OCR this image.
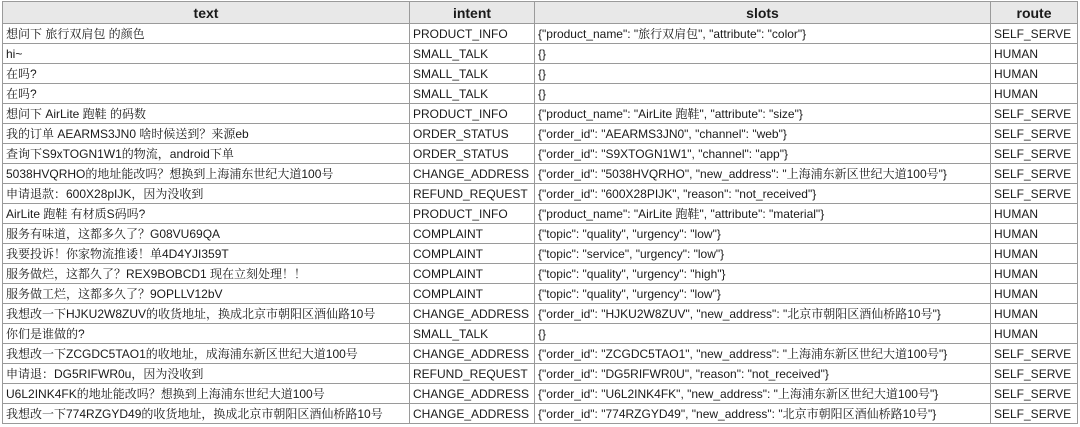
text	intent	slots	route
想问下 旅行双肩包 的颜色	PRODUCT_INFO	{"product_name": "旅行双肩包", "attribute": "color"}	SELF_SERVE
hi~	SMALL_TALK	{}	HUMAN
在吗?	SMALL_TALK	{}	HUMAN
在吗?	SMALL_TALK	{}	HUMAN
想问下 AirLite 跑鞋 的码数	PRODUCT_INFO	{"product_name": "AirLite 跑鞋", "attribute": "size"}	SELF_SERVE
我的订单 AEARMS3JN0 啥时候送到？来源eb	ORDER_STATUS	{"order_id": "AEARMS3JN0", "channel": "web"}	SELF_SERVE
查询下S9xTOGN1W1的物流，android下单	ORDER_STATUS	{"order_id": "S9XTOGN1W1", "channel": "app"}	SELF_SERVE
5038HVQRHO的地址能改吗？想换到上海浦东世纪大道100号	CHANGE_ADDRESS	{"order_id": "5038HVQRHO", "new_address": "上海浦东新区世纪大道100号"}	SELF_SERVE
申请退款：600X28pIJK，因为没收到	REFUND_REQUEST	{"order_id": "600X28PIJK", "reason": "not_received"}	SELF_SERVE
AirLite 跑鞋 有材质S码吗?	PRODUCT_INFO	{"product_name": "AirLite 跑鞋", "attribute": "material"}	HUMAN
服务有味道，这都多久了？G08VU69QA	COMPLAINT	{"topic": "quality", "urgency": "low"}	HUMAN
我要投诉！你家物流推诿！单4D4YJI359T	COMPLAINT	{"topic": "service", "urgency": "low"}	HUMAN
服务做烂，这都久了？REX9BOBCD1 现在立刻处理！！	COMPLAINT	{"topic": "quality", "urgency": "high"}	HUMAN
服务做工烂，这都多久了？9OPLLV12bV	COMPLAINT	{"topic": "quality", "urgency": "low"}	HUMAN
我想改一下HJKU2W8ZUV的收货地址，换成北京市朝阳区酒仙路10号	CHANGE_ADDRESS	{"order_id": "HJKU2W8ZUV", "new_address": "北京市朝阳区酒仙桥路10号"}	HUMAN
你们是谁做的?	SMALL_TALK	{}	HUMAN
我想改一下ZCGDC5TAO1的收地址，成海浦东新区世纪大道100号	CHANGE_ADDRESS	{"order_id": "ZCGDC5TAO1", "new_address": "上海浦东新区世纪大道100号"}	SELF_SERVE
申请退：DG5RIFWR0u，因为没收到	REFUND_REQUEST	{"order_id": "DG5RIFWR0U", "reason": "not_received"}	SELF_SERVE
U6L2INK4FK的地址能改吗？想换到上海浦东世纪大道100号	CHANGE_ADDRESS	{"order_id": "U6L2INK4FK", "new_address": "上海浦东新区世纪大道100号"}	SELF_SERVE
我想改一下774RZGYD49的收货地址，换成北京市朝阳区酒仙桥路10号	CHANGE_ADDRESS	{"order_id": "774RZGYD49", "new_address": "北京市朝阳区酒仙桥路10号"}	SELF_SERVE
